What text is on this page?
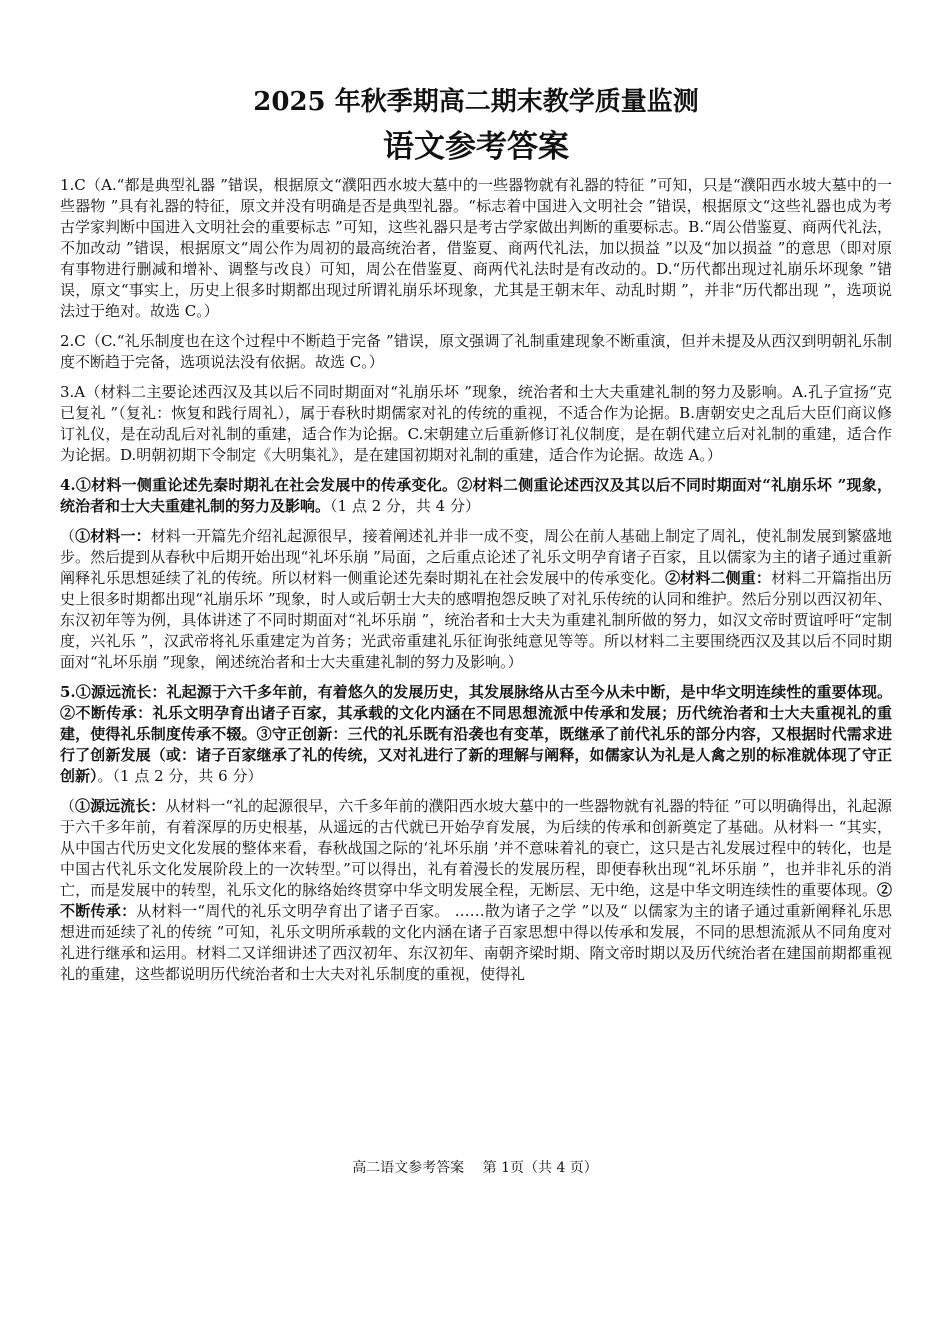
2025 年秋季期高二期末教学质量监测
语文参考答案

1.C（A.“都是典型礼器 ”错误，根据原文“濮阳西水坡大墓中的一些器物就有礼器的特征 ”可知，只是“濮阳西水坡大墓中的一些器物 ”具有礼器的特征，原文并没有明确是否是典型礼器。“标志着中国进入文明社会 ”错误，根据原文“这些礼器也成为考古学家判断中国进入文明社会的重要标志 ”可知，这些礼器只是考古学家做出判断的重要标志。B.“周公借鉴夏、商两代礼法，不加改动 ”错误，根据原文“周公作为周初的最高统治者，借鉴夏、商两代礼法，加以损益 ”以及“加以损益 ”的意思（即对原有事物进行删减和增补、调整与改良）可知，周公在借鉴夏、商两代礼法时是有改动的。D.“历代都出现过礼崩乐坏现象 ”错误，原文“事实上，历史上很多时期都出现过所谓礼崩乐坏现象，尤其是王朝末年、动乱时期 ”，并非“历代都出现 ”，选项说法过于绝对。故选 C。）

2.C（C.“礼乐制度也在这个过程中不断趋于完备 ”错误，原文强调了礼制重建现象不断重演，但并未提及从西汉到明朝礼乐制度不断趋于完备，选项说法没有依据。故选 C。）

3.A（材料二主要论述西汉及其以后不同时期面对“礼崩乐坏 ”现象，统治者和士大夫重建礼制的努力及影响。A.孔子宣扬“克已复礼 ”（复礼：恢复和践行周礼），属于春秋时期儒家对礼的传统的重视，不适合作为论据。B.唐朝安史之乱后大臣们商议修订礼仪，是在动乱后对礼制的重建，适合作为论据。C.宋朝建立后重新修订礼仪制度，是在朝代建立后对礼制的重建，适合作为论据。D.明朝初期下令制定《大明集礼》，是在建国初期对礼制的重建，适合作为论据。故选 A。）

4.①材料一侧重论述先秦时期礼在社会发展中的传承变化。②材料二侧重论述西汉及其以后不同时期面对“礼崩乐坏 ”现象，统治者和士大夫重建礼制的努力及影响。（1 点 2 分，共 4 分）

（①材料一：材料一开篇先介绍礼起源很早，接着阐述礼并非一成不变，周公在前人基础上制定了周礼，使礼制发展到繁盛地步。然后提到从春秋中后期开始出现“礼坏乐崩 ”局面，之后重点论述了礼乐文明孕育诸子百家，且以儒家为主的诸子通过重新阐释礼乐思想延续了礼的传统。所以材料一侧重论述先秦时期礼在社会发展中的传承变化。②材料二侧重：材料二开篇指出历史上很多时期都出现“礼崩乐坏 ”现象，时人或后朝士大夫的感喟抱怨反映了对礼乐传统的认同和维护。然后分别以西汉初年、东汉初年等为例，具体讲述了不同时期面对“礼坏乐崩 ”，统治者和士大夫为重建礼制所做的努力，如汉文帝时贾谊呼吁“定制度，兴礼乐 ”，汉武帝将礼乐重建定为首务；光武帝重建礼乐征询张纯意见等等。所以材料二主要围绕西汉及其以后不同时期面对“礼坏乐崩 ”现象，阐述统治者和士大夫重建礼制的努力及影响。）

5.①源远流长：礼起源于六千多年前，有着悠久的发展历史，其发展脉络从古至今从未中断，是中华文明连续性的重要体现。②不断传承：礼乐文明孕育出诸子百家，其承载的文化内涵在不同思想流派中传承和发展；历代统治者和士大夫重视礼的重建，使得礼乐制度传承不辍。③守正创新：三代的礼乐既有沿袭也有变革，既继承了前代礼乐的部分内容，又根据时代需求进行了创新发展（或：诸子百家继承了礼的传统，又对礼进行了新的理解与阐释，如儒家认为礼是人禽之别的标准就体现了守正创新）。（1 点 2 分，共 6 分）

（①源远流长：从材料一“礼的起源很早，六千多年前的濮阳西水坡大墓中的一些器物就有礼器的特征 ”可以明确得出，礼起源于六千多年前，有着深厚的历史根基，从遥远的古代就已开始孕育发展，为后续的传承和创新奠定了基础。从材料一 “其实，从中国古代历史文化发展的整体来看，春秋战国之际的‘礼坏乐崩 ’并不意味着礼的衰亡，这只是古礼发展过程中的转化，也是中国古代礼乐文化发展阶段上的一次转型。”可以得出，礼有着漫长的发展历程，即便春秋出现“礼坏乐崩 ”，也并非礼乐的消亡，而是发展中的转型，礼乐文化的脉络始终贯穿中华文明发展全程，无断层、无中绝，这是中华文明连续性的重要体现。②不断传承：从材料一“周代的礼乐文明孕育出了诸子百家。 ……散为诸子之学 ”以及“ 以儒家为主的诸子通过重新阐释礼乐思想进而延续了礼的传统 ”可知，礼乐文明所承载的文化内涵在诸子百家思想中得以传承和发展，不同的思想流派从不同角度对礼进行继承和运用。材料二又详细讲述了西汉初年、东汉初年、南朝齐梁时期、隋文帝时期以及历代统治者在建国前期都重视礼的重建，这些都说明历代统治者和士大夫对礼乐制度的重视，使得礼

高二语文参考答案　 第 1页（共 4 页）
